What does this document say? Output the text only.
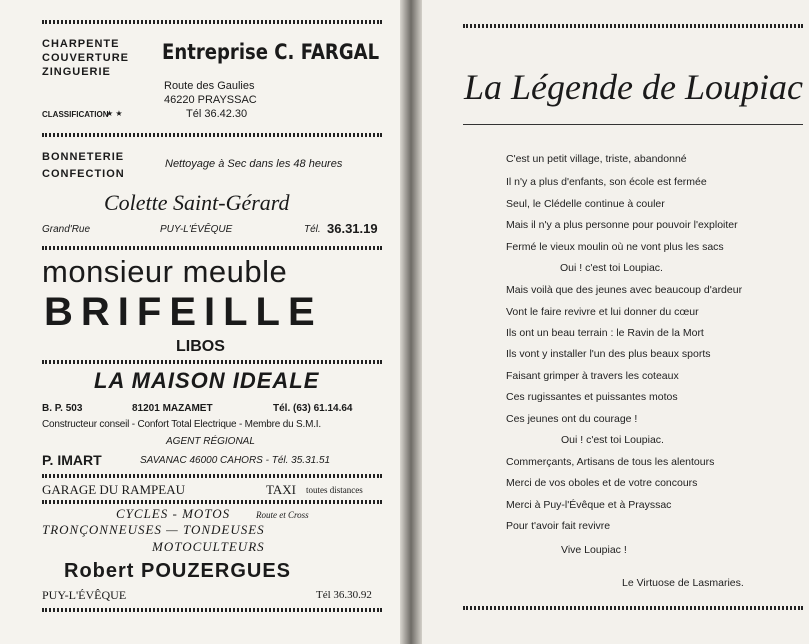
CHARPENTE
COUVERTURE
ZINGUERIE
CLASSIFICATION
★ ★
Entreprise C. FARGAL
Route des Gaulies
46220 PRAYSSAC
Tél 36.42.30
BONNETERIE
CONFECTION
Nettoyage à Sec dans les 48 heures
Colette Saint-Gérard
Grand'Rue	PUY-L'ÉVÊQUE	Tél. 36.31.19
monsieur meuble
BRIFEILLE
LIBOS
LA MAISON IDEALE
B. P. 503	81201 MAZAMET	Tél. (63) 61.14.64
Constructeur conseil - Confort Total Electrique - Membre du S.M.I.
AGENT RÉGIONAL
P. IMART	SAVANAC 46000 CAHORS - Tél. 35.31.51
GARAGE DU RAMPEAU	TAXI toutes distances
CYCLES - MOTOS	Route et Cross
TRONÇONNEUSES — TONDEUSES
MOTOCULTEURS
Robert POUZERGUES
PUY-L'ÉVÊQUE	Tél 36.30.92
La Légende de Loupiac
C'est un petit village, triste, abandonné
Il n'y a plus d'enfants, son école est fermée
Seul, le Clédelle continue à couler
Mais il n'y a plus personne pour pouvoir l'exploiter
Fermé le vieux moulin où ne vont plus les sacs
Oui ! c'est toi Loupiac.
Mais voilà que des jeunes avec beaucoup d'ardeur
Vont le faire revivre et lui donner du cœur
Ils ont un beau terrain : le Ravin de la Mort
Ils vont y installer l'un des plus beaux sports
Faisant grimper à travers les coteaux
Ces rugissantes et puissantes motos
Ces jeunes ont du courage !
Oui ! c'est toi Loupiac.
Commerçants, Artisans de tous les alentours
Merci de vos oboles et de votre concours
Merci à Puy-l'Évêque et à Prayssac
Pour t'avoir fait revivre
Vive Loupiac !
Le Virtuose de Lasmaries.
